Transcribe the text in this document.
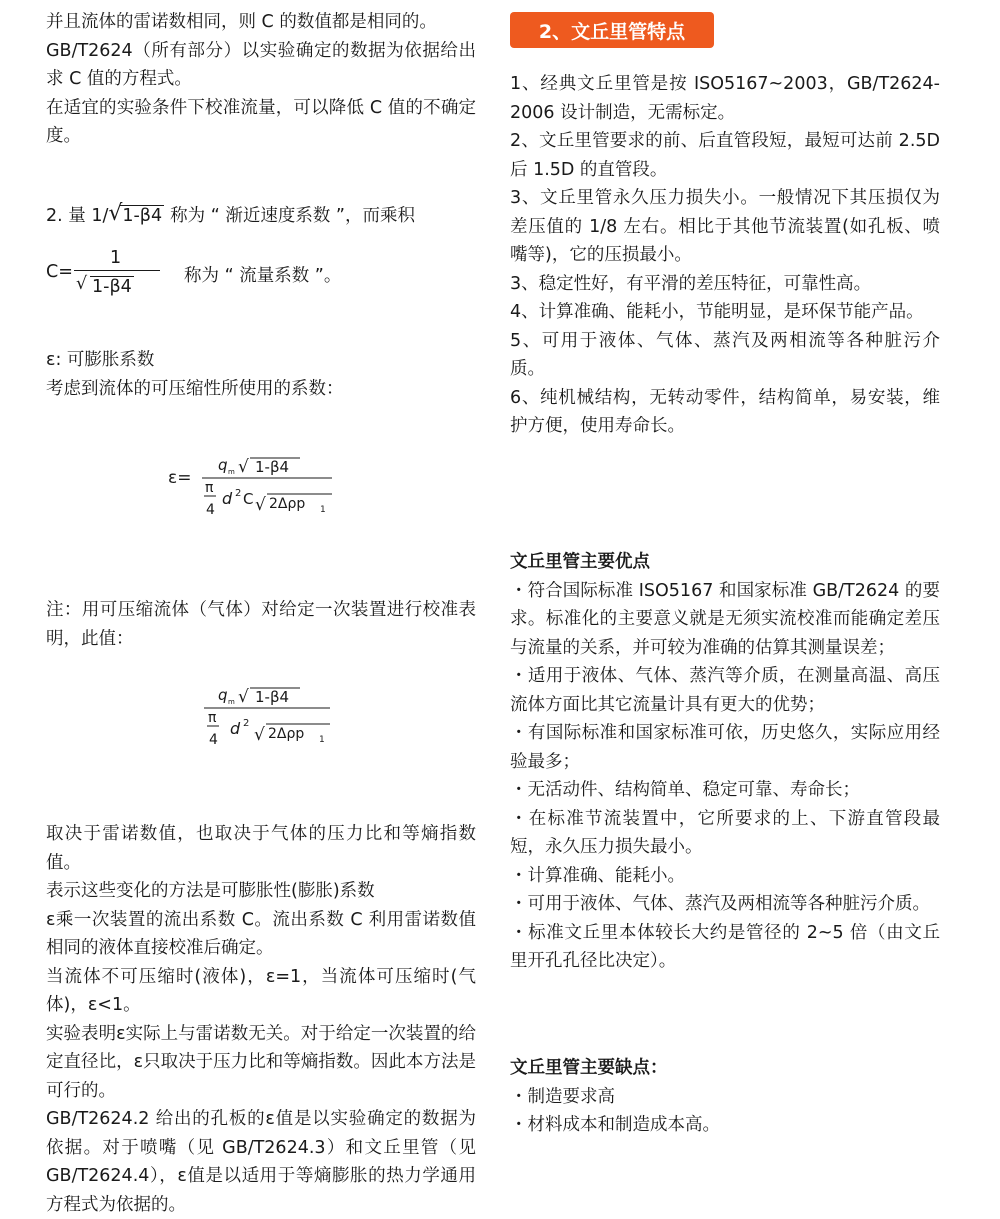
并且流体的雷诺数相同，则 C 的数值都是相同的。

GB/T2624（所有部分）以实验确定的数据为依据给出求 C 值的方程式。

在适宜的实验条件下校准流量，可以降低 C 值的不确定度。

2. 量 1/ √ 1-β4 称为 “ 渐近速度系数 ”，而乘积
C=
1
√ 1-β4
称为 “ 流量系数 ”。

ε: 可膨胀系数

考虑到流体的可压缩性所使用的系数：

ε=
q m √ 1-β4
π
4
d 2 C √ 2Δρp 1

注：用可压缩流体（气体）对给定一次装置进行校准表明，此值：

q m √ 1-β4
π
4
d 2
√ 2Δρp 1

取决于雷诺数值，也取决于气体的压力比和等熵指数值。

表示这些变化的方法是可膨胀性(膨胀)系数

ε乘一次装置的流出系数 C。流出系数 C 利用雷诺数值相同的液体直接校准后确定。

当流体不可压缩时(液体)，ε=1，当流体可压缩时(气体)，ε<1。

实验表明ε实际上与雷诺数无关。对于给定一次装置的给定直径比，ε只取决于压力比和等熵指数。因此本方法是可行的。

GB/T2624.2 给出的孔板的ε值是以实验确定的数据为依据。对于喷嘴（见 GB/T2624.3）和文丘里管（见 GB/T2624.4），ε值是以适用于等熵膨胀的热力学通用方程式为依据的。

2、文丘里管特点

1、经典文丘里管是按 ISO5167~2003，GB/T2624-2006 设计制造，无需标定。

2、文丘里管要求的前、后直管段短，最短可达前 2.5D 后 1.5D 的直管段。

3、文丘里管永久压力损失小。一般情况下其压损仅为差压值的 1/8 左右。相比于其他节流装置(如孔板、喷嘴等)，它的压损最小。

3、稳定性好，有平滑的差压特征，可靠性高。

4、计算准确、能耗小，节能明显，是环保节能产品。

5、可用于液体、气体、蒸汽及两相流等各种脏污介质。

6、纯机械结构，无转动零件，结构简单，易安装，维护方便，使用寿命长。

文丘里管主要优点

・符合国际标准 ISO5167 和国家标准 GB/T2624 的要求。标准化的主要意义就是无须实流校准而能确定差压与流量的关系，并可较为准确的估算其测量误差；

・适用于液体、气体、蒸汽等介质，在测量高温、高压流体方面比其它流量计具有更大的优势；

・有国际标准和国家标准可依，历史悠久，实际应用经验最多；

・无活动件、结构简单、稳定可靠、寿命长；

・在标准节流装置中，它所要求的上、下游直管段最短，永久压力损失最小。

・计算准确、能耗小。

・可用于液体、气体、蒸汽及两相流等各种脏污介质。

・标准文丘里本体较长大约是管径的 2~5 倍（由文丘里开孔孔径比决定）。

文丘里管主要缺点：

・制造要求高

・材料成本和制造成本高。
